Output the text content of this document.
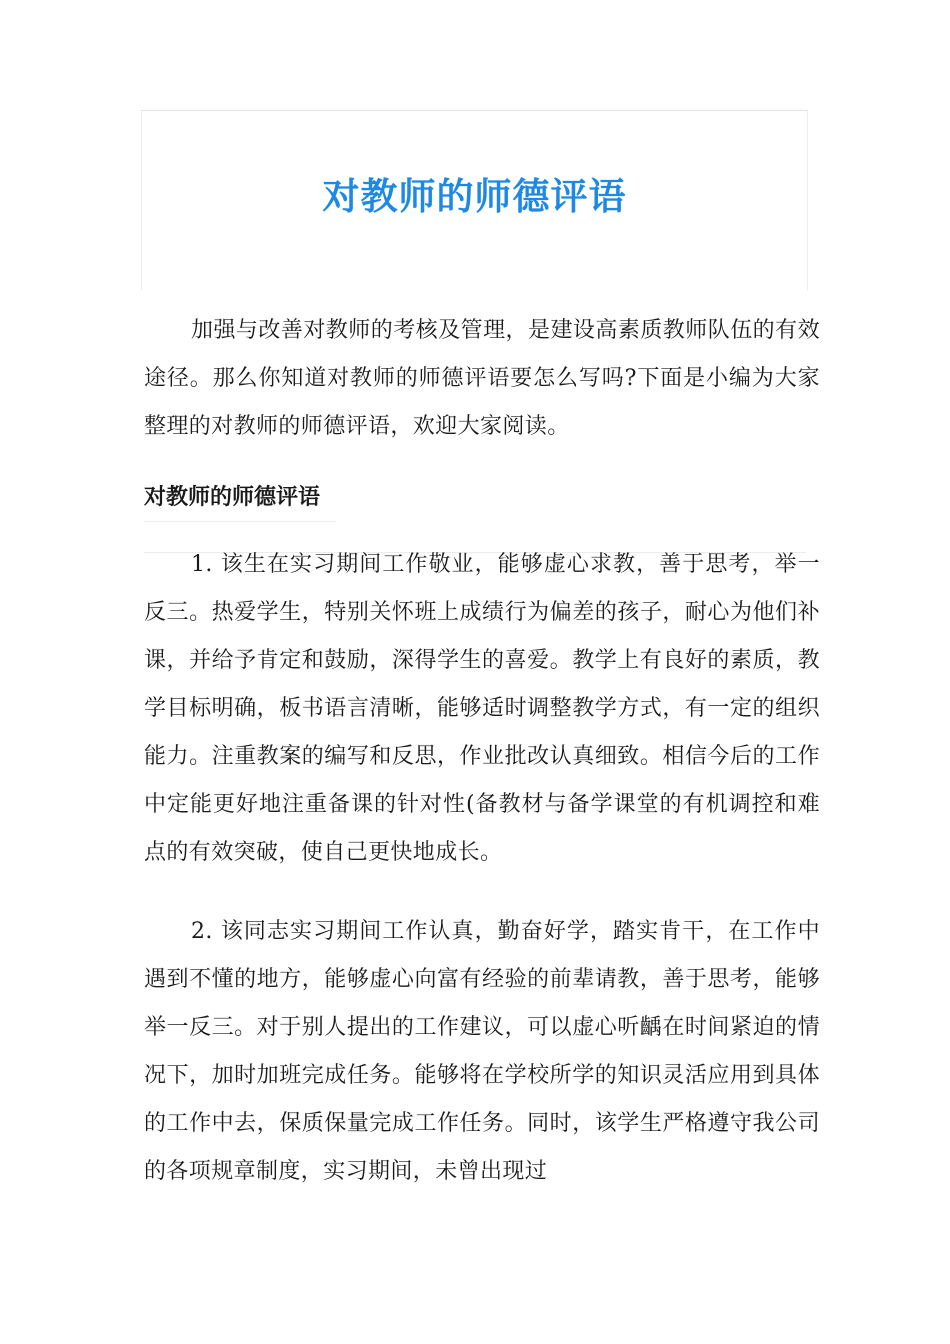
对教师的师德评语

加强与改善对教师的考核及管理，是建设高素质教师队伍的有效途径。那么你知道对教师的师德评语要怎么写吗?下面是小编为大家整理的对教师的师德评语，欢迎大家阅读。

对教师的师德评语

1. 该生在实习期间工作敬业，能够虚心求教，善于思考，举一反三。热爱学生，特别关怀班上成绩行为偏差的孩子，耐心为他们补课，并给予肯定和鼓励，深得学生的喜爱。教学上有良好的素质，教学目标明确，板书语言清晰，能够适时调整教学方式，有一定的组织能力。注重教案的编写和反思，作业批改认真细致。相信今后的工作中定能更好地注重备课的针对性(备教材与备学课堂的有机调控和难点的有效突破，使自己更快地成长。

2. 该同志实习期间工作认真，勤奋好学，踏实肯干，在工作中遇到不懂的地方，能够虚心向富有经验的前辈请教，善于思考，能够举一反三。对于别人提出的工作建议，可以虚心听齲在时间紧迫的情况下，加时加班完成任务。能够将在学校所学的知识灵活应用到具体的工作中去，保质保量完成工作任务。同时，该学生严格遵守我公司的各项规章制度，实习期间，未曾出现过
